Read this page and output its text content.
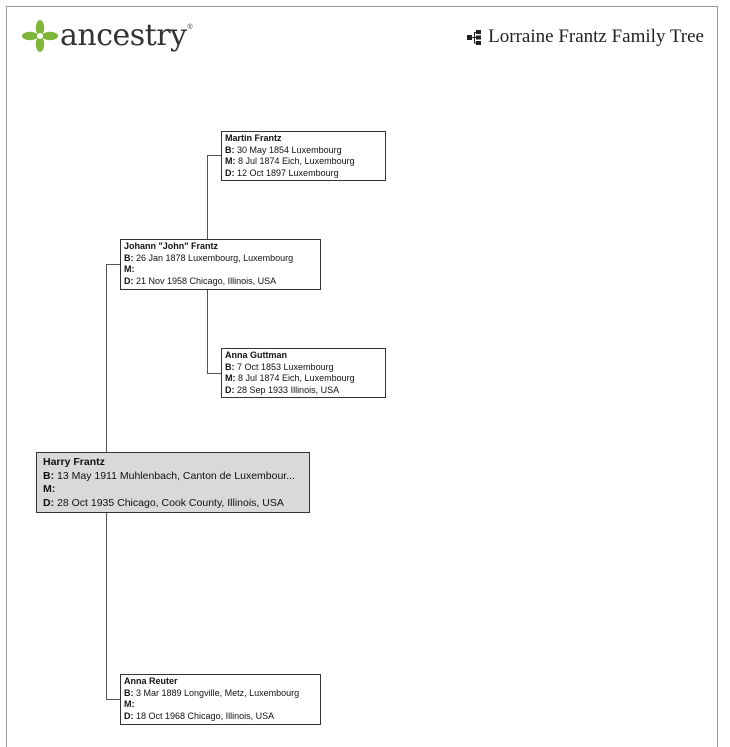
ancestry ®	Lorraine Frantz Family Tree
Martin Frantz
B: 30 May 1854 Luxembourg
M: 8 Jul 1874 Eich, Luxembourg
D: 12 Oct 1897 Luxembourg
Johann "John" Frantz
B: 26 Jan 1878 Luxembourg, Luxembourg
M:
D: 21 Nov 1958 Chicago, Illinois, USA
Anna Guttman
B: 7 Oct 1853 Luxembourg
M: 8 Jul 1874 Eich, Luxembourg
D: 28 Sep 1933 Illinois, USA
Harry Frantz
B: 13 May 1911 Muhlenbach, Canton de Luxembour...
M:
D: 28 Oct 1935 Chicago, Cook County, Illinois, USA
Anna Reuter
B: 3 Mar 1889 Longville, Metz, Luxembourg
M:
D: 18 Oct 1968 Chicago, Illinois, USA
